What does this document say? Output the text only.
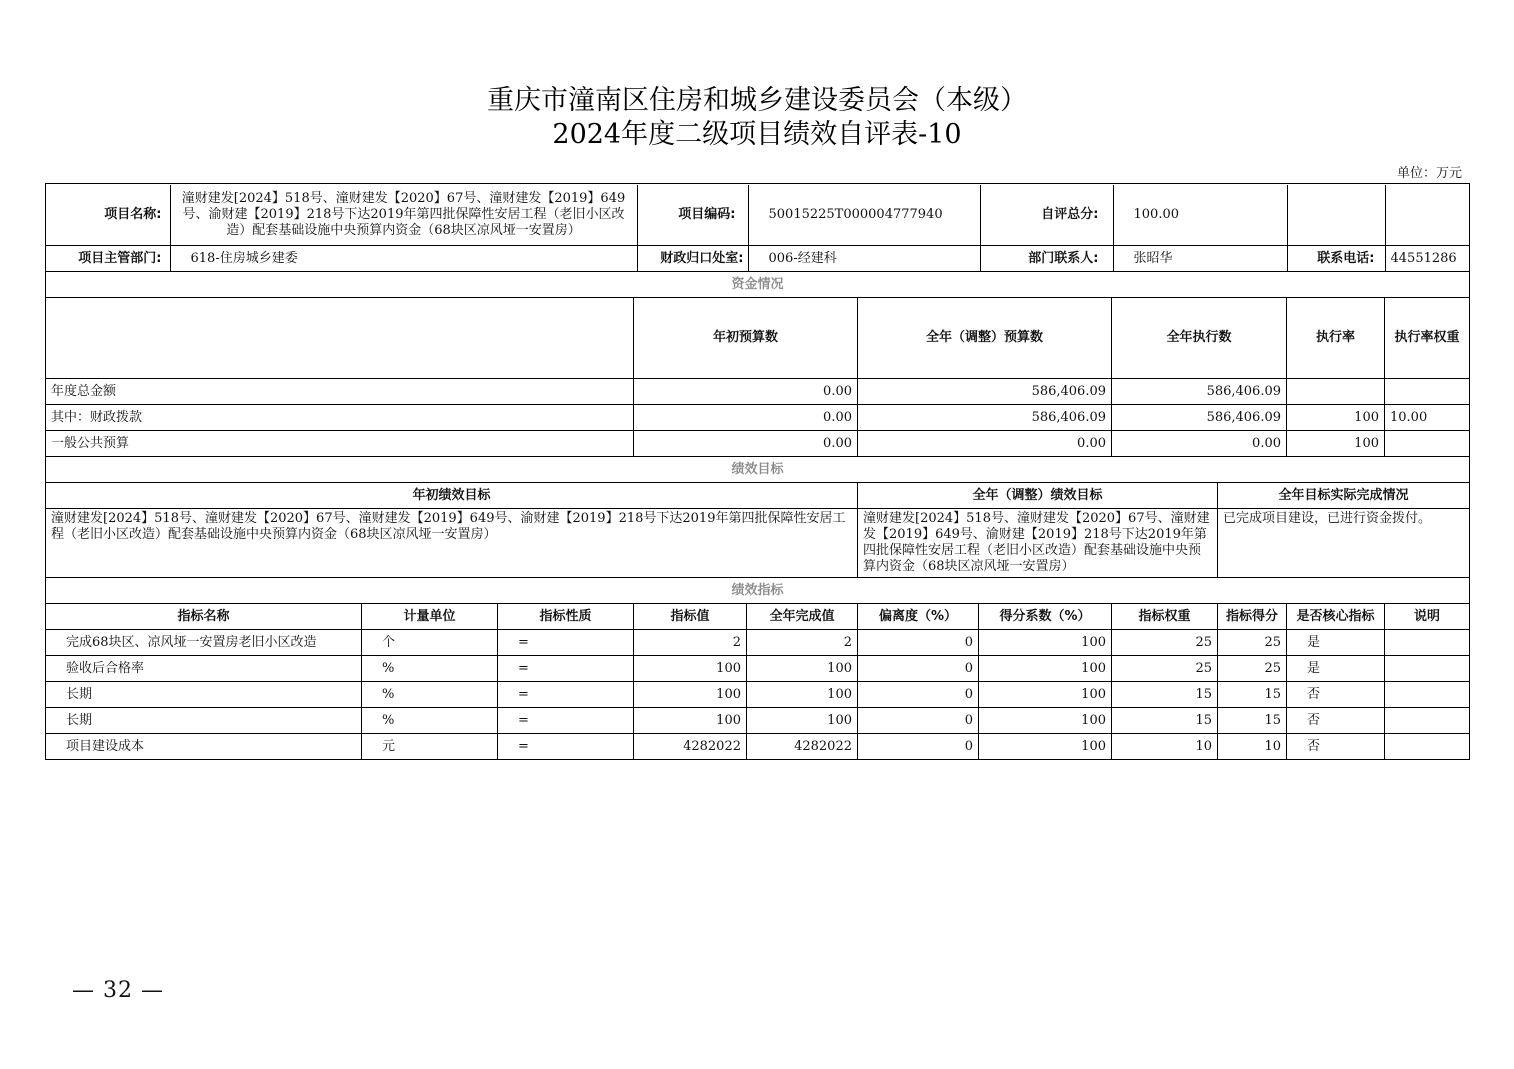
重庆市潼南区住房和城乡建设委员会（本级）
2024年度二级项目绩效自评表-10
单位：万元
项目名称:	潼财建发[2024】518号、潼财建发【2020】67号、潼财建发【2019】649号、渝财建【2019】218号下达2019年第四批保障性安居工程（老旧小区改造）配套基础设施中央预算内资金（68块区凉风垭一安置房）	项目编码:	50015225T000004777940	自评总分:	100.00		

项目主管部门:	618-住房城乡建委	财政归口处室:	006-经建科	部门联系人:	张昭华	联系电话:	44551286

资金情况
	年初预算数	全年（调整）预算数	全年执行数	执行率	执行率权重	
年度总金额	0.00	586,406.09	586,406.09			
其中：财政拨款	0.00	586,406.09	586,406.09	100	10.00	
一般公共预算	0.00	0.00	0.00	100		
绩效目标
年初绩效目标	全年（调整）绩效目标	全年目标实际完成情况
潼财建发[2024】518号、潼财建发【2020】67号、潼财建发【2019】649号、渝财建【2019】218号下达2019年第四批保障性安居工程（老旧小区改造）配套基础设施中央预算内资金（68块区凉风垭一安置房）	潼财建发[2024】518号、潼财建发【2020】67号、潼财建发【2019】649号、渝财建【2019】218号下达2019年第四批保障性安居工程（老旧小区改造）配套基础设施中央预算内资金（68块区凉风垭一安置房）	已完成项目建设，已进行资金拨付。
绩效指标
指标名称	计量单位	指标性质	指标值	全年完成值	偏离度（%）	得分系数（%）	指标权重	指标得分	是否核心指标	说明
完成68块区、凉风垭一安置房老旧小区改造	个	=	2	2	0	100	25	25	是	
验收后合格率	%	=	100	100	0	100	25	25	是	
长期	%	=	100	100	0	100	15	15	否	
长期	%	=	100	100	0	100	15	15	否	
项目建设成本	元	=	4282022	4282022	0	100	10	10	否	
— 32 —
